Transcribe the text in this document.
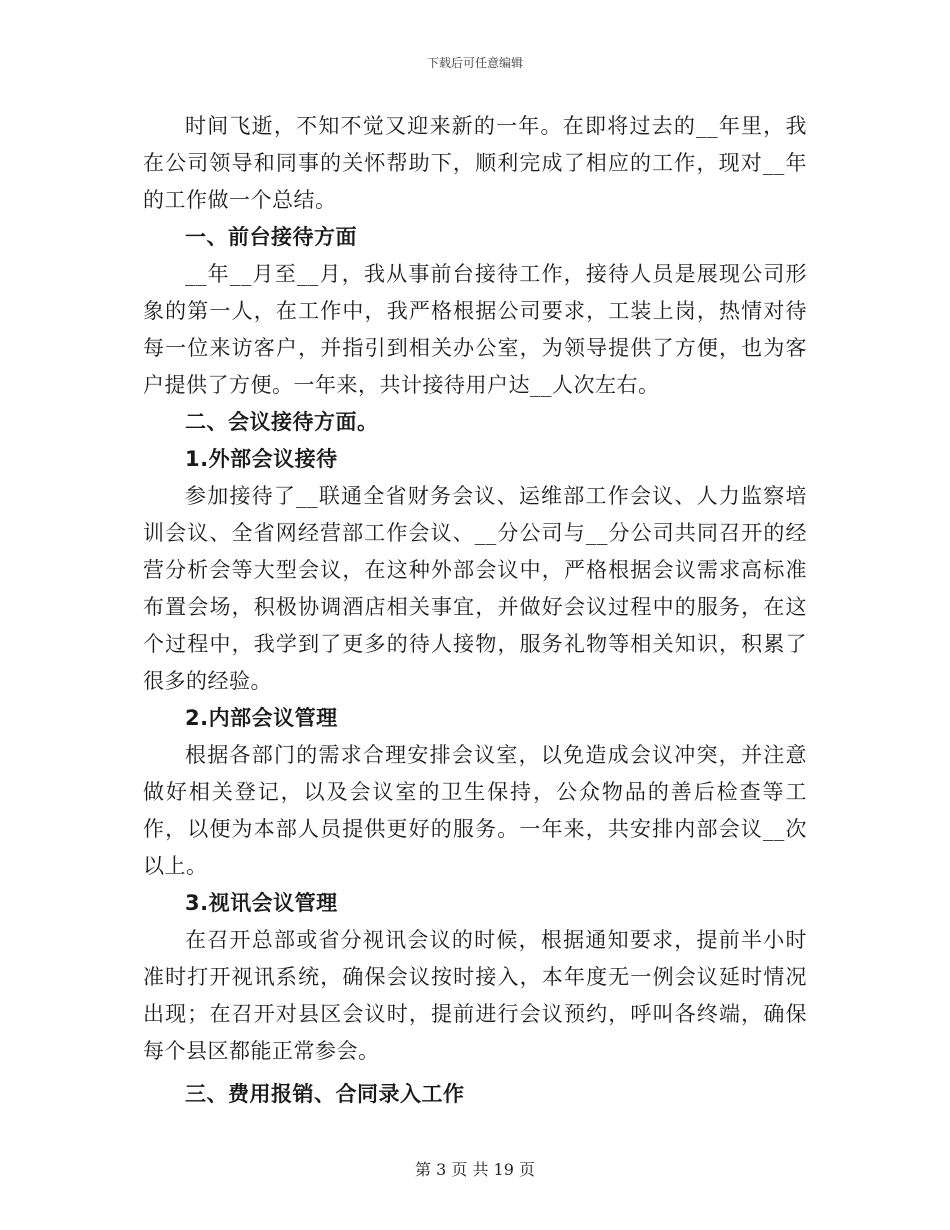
下载后可任意编辑

时间飞逝，不知不觉又迎来新的一年。在即将过去的__年里，我在公司领导和同事的关怀帮助下，顺利完成了相应的工作，现对__年的工作做一个总结。

一、前台接待方面

__年__月至__月，我从事前台接待工作，接待人员是展现公司形象的第一人，在工作中，我严格根据公司要求，工装上岗，热情对待每一位来访客户，并指引到相关办公室，为领导提供了方便，也为客户提供了方便。一年来，共计接待用户达__人次左右。

二、会议接待方面。

1.外部会议接待

参加接待了__联通全省财务会议、运维部工作会议、人力监察培训会议、全省网经营部工作会议、__分公司与__分公司共同召开的经营分析会等大型会议，在这种外部会议中，严格根据会议需求高标准布置会场，积极协调酒店相关事宜，并做好会议过程中的服务，在这个过程中，我学到了更多的待人接物，服务礼物等相关知识，积累了很多的经验。

2.内部会议管理

根据各部门的需求合理安排会议室，以免造成会议冲突，并注意做好相关登记，以及会议室的卫生保持，公众物品的善后检查等工作，以便为本部人员提供更好的服务。一年来，共安排内部会议__次以上。

3.视讯会议管理

在召开总部或省分视讯会议的时候，根据通知要求，提前半小时准时打开视讯系统，确保会议按时接入，本年度无一例会议延时情况出现；在召开对县区会议时，提前进行会议预约，呼叫各终端，确保每个县区都能正常参会。

三、费用报销、合同录入工作

第 3 页 共 19 页
